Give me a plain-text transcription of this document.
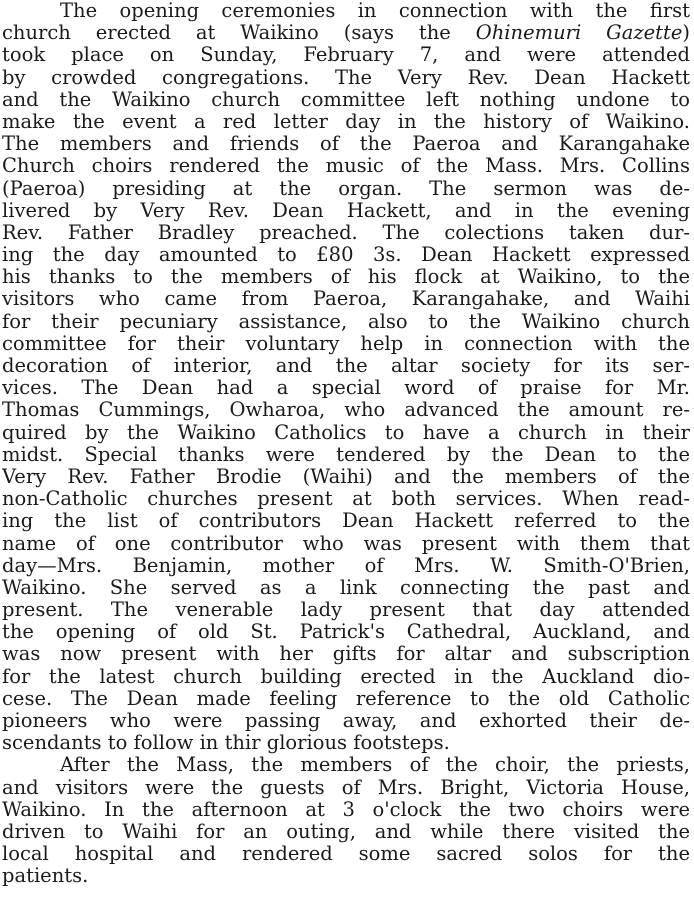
The opening ceremonies in connection with the first
church erected at Waikino (says the Ohinemuri Gazette)
took place on Sunday, February 7, and were attended
by crowded congregations. The Very Rev. Dean Hackett
and the Waikino church committee left nothing undone to
make the event a red letter day in the history of Waikino.
The members and friends of the Paeroa and Karangahake
Church choirs rendered the music of the Mass. Mrs. Collins
(Paeroa) presiding at the organ. The sermon was de-
livered by Very Rev. Dean Hackett, and in the evening
Rev. Father Bradley preached. The colections taken dur-
ing the day amounted to £80 3s. Dean Hackett expressed
his thanks to the members of his flock at Waikino, to the
visitors who came from Paeroa, Karangahake, and Waihi
for their pecuniary assistance, also to the Waikino church
committee for their voluntary help in connection with the
decoration of interior, and the altar society for its ser-
vices. The Dean had a special word of praise for Mr.
Thomas Cummings, Owharoa, who advanced the amount re-
quired by the Waikino Catholics to have a church in their
midst. Special thanks were tendered by the Dean to the
Very Rev. Father Brodie (Waihi) and the members of the
non-Catholic churches present at both services. When read-
ing the list of contributors Dean Hackett referred to the
name of one contributor who was present with them that
day—Mrs. Benjamin, mother of Mrs. W. Smith-O'Brien,
Waikino. She served as a link connecting the past and
present. The venerable lady present that day attended
the opening of old St. Patrick's Cathedral, Auckland, and
was now present with her gifts for altar and subscription
for the latest church building erected in the Auckland dio-
cese. The Dean made feeling reference to the old Catholic
pioneers who were passing away, and exhorted their de-
scendants to follow in thir glorious footsteps.
After the Mass, the members of the choir, the priests,
and visitors were the guests of Mrs. Bright, Victoria House,
Waikino. In the afternoon at 3 o'clock the two choirs were
driven to Waihi for an outing, and while there visited the
local hospital and rendered some sacred solos for the
patients.
